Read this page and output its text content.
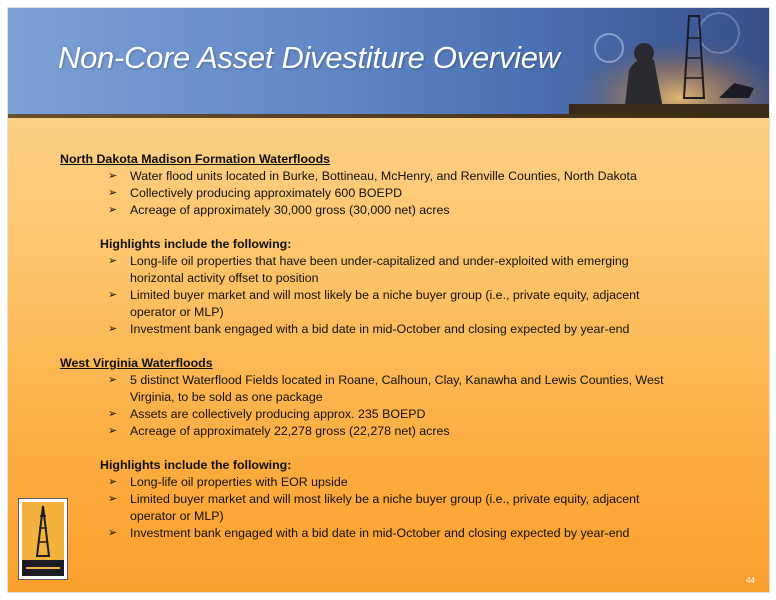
Non-Core Asset Divestiture Overview
North Dakota Madison Formation Waterfloods
➢ Water flood units located in Burke, Bottineau, McHenry, and Renville Counties, North Dakota
➢ Collectively producing approximately 600 BOEPD
➢ Acreage of approximately 30,000 gross (30,000 net) acres
Highlights include the following:
➢ Long-life oil properties that have been under-capitalized and under-exploited with emerging
horizontal activity offset to position
➢ Limited buyer market and will most likely be a niche buyer group (i.e., private equity, adjacent
operator or MLP)
➢ Investment bank engaged with a bid date in mid-October and closing expected by year-end
West Virginia Waterfloods
➢ 5 distinct Waterflood Fields located in Roane, Calhoun, Clay, Kanawha and Lewis Counties, West
Virginia, to be sold as one package
➢ Assets are collectively producing approx. 235 BOEPD
➢ Acreage of approximately 22,278 gross (22,278 net) acres
Highlights include the following:
➢ Long-life oil properties with EOR upside
➢ Limited buyer market and will most likely be a niche buyer group (i.e., private equity, adjacent
operator or MLP)
➢ Investment bank engaged with a bid date in mid-October and closing expected by year-end
44
